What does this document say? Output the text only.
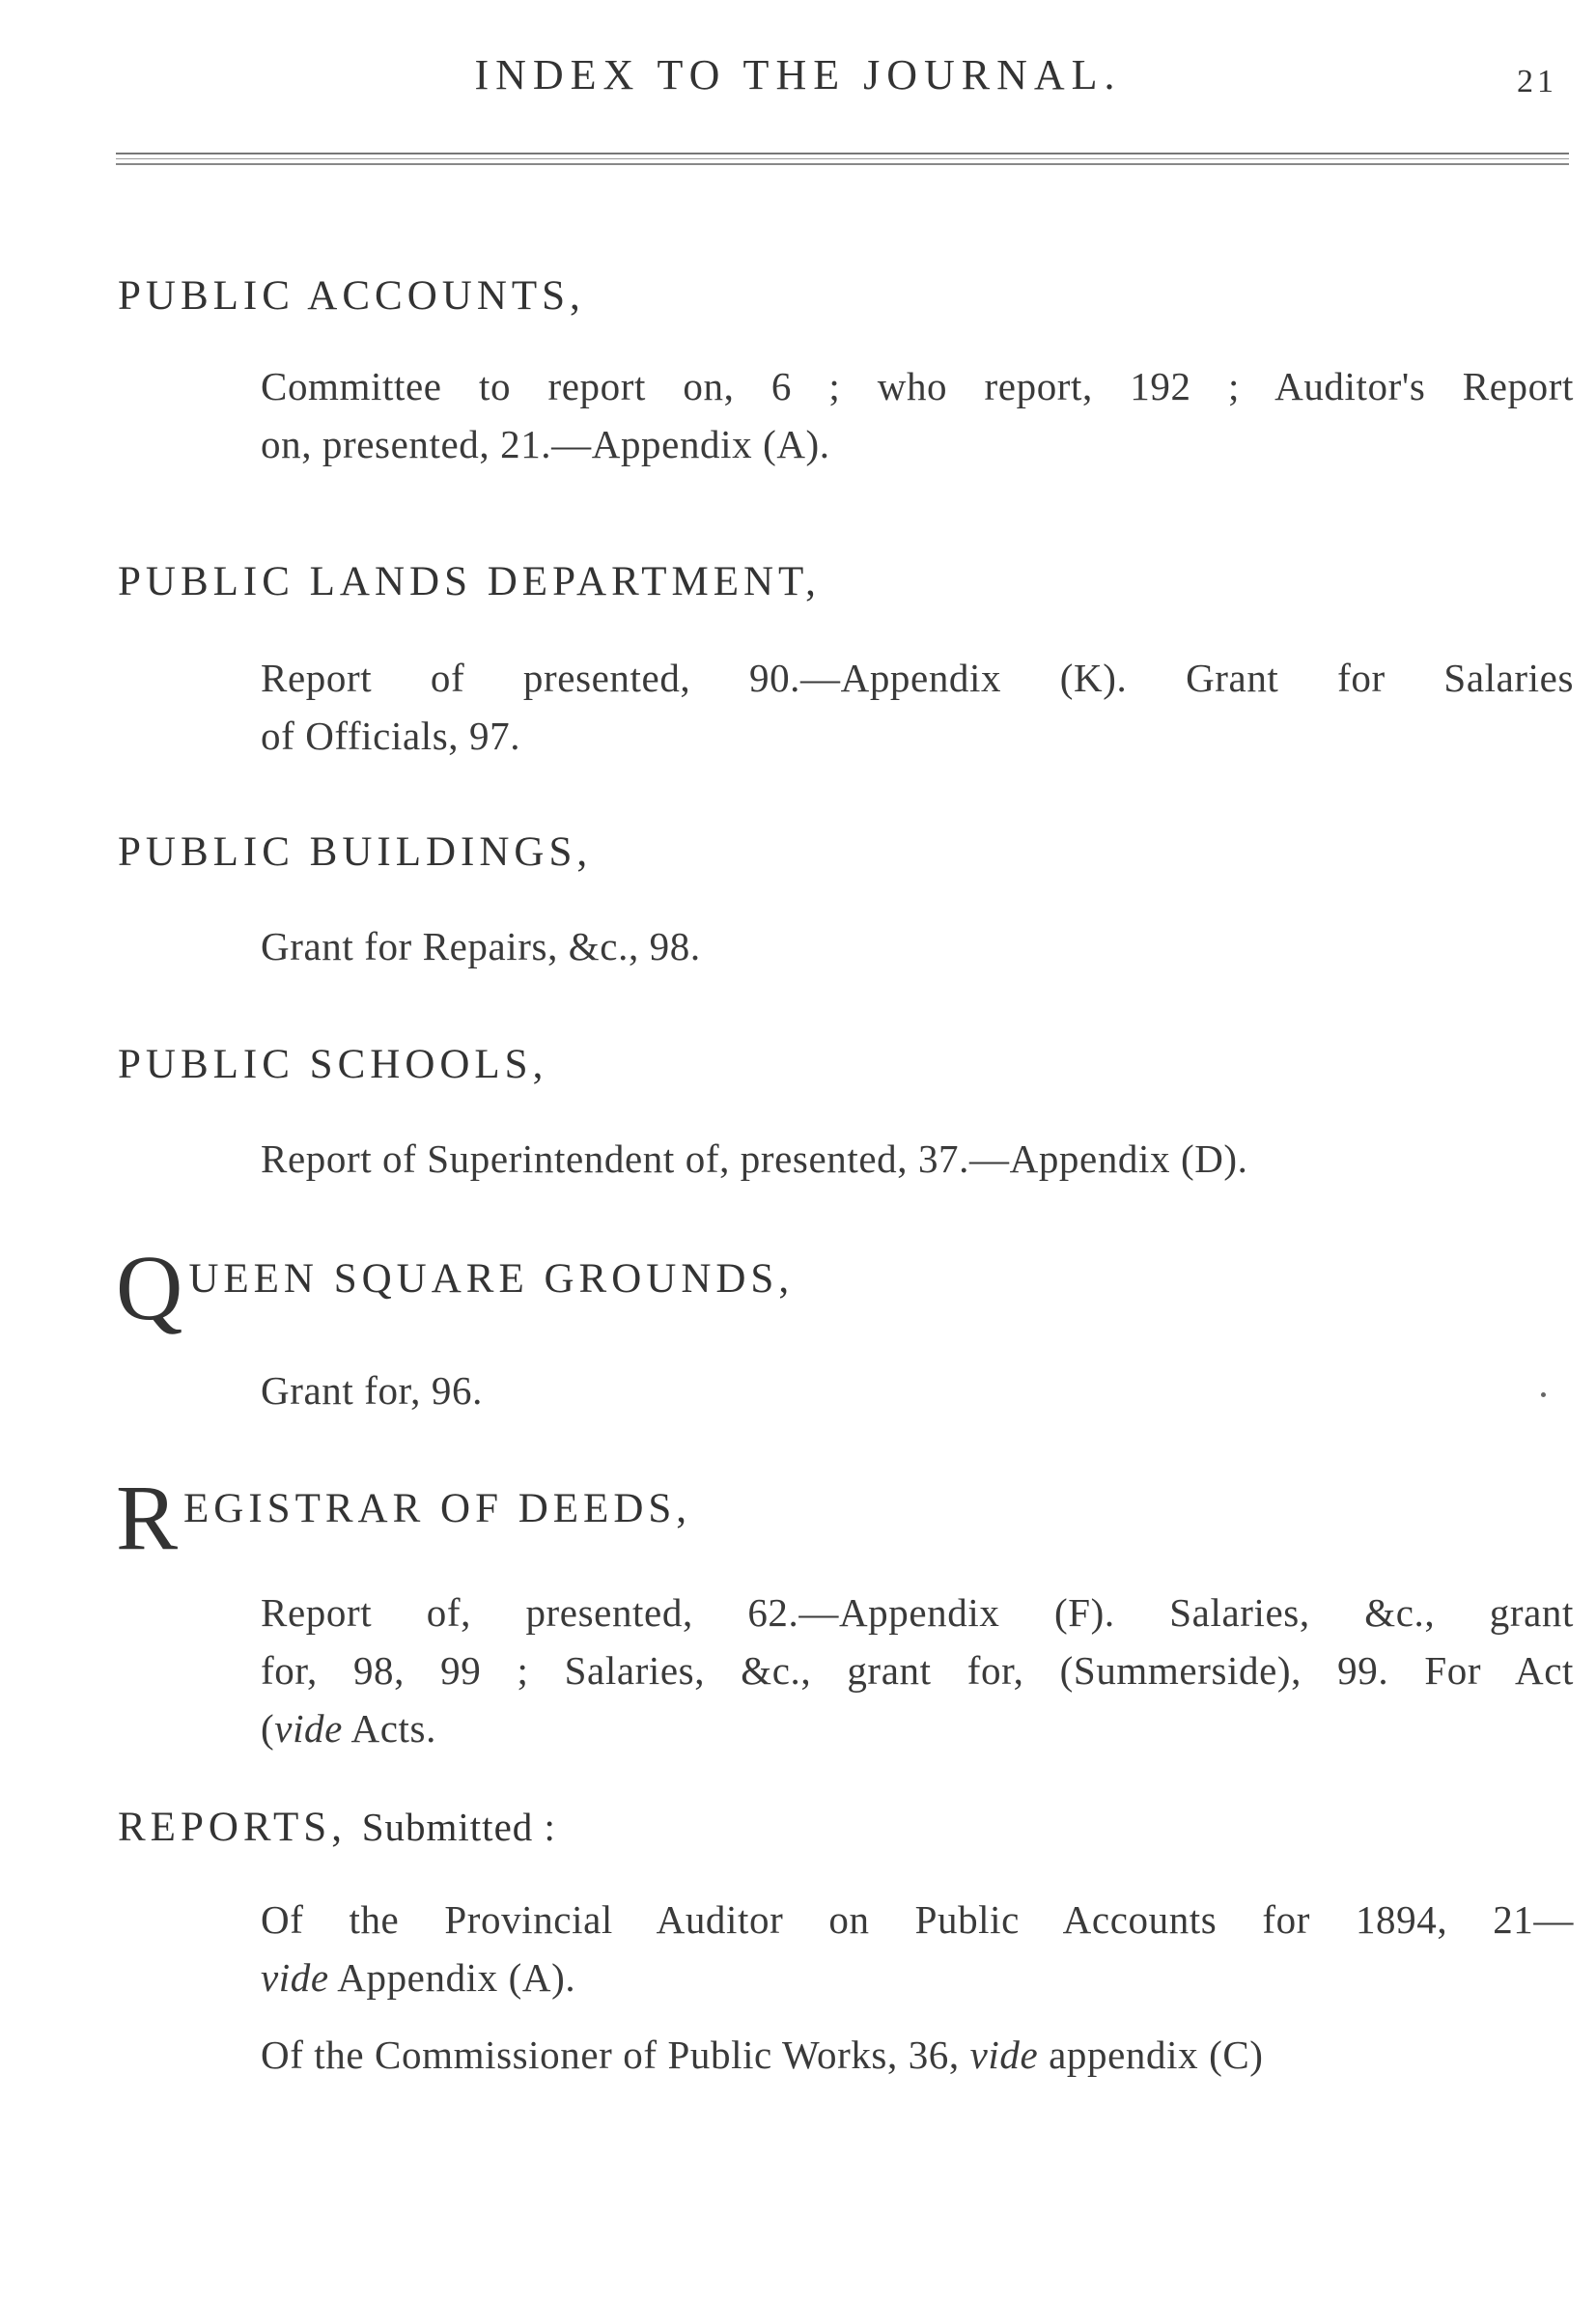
INDEX TO THE JOURNAL.	21
PUBLIC ACCOUNTS,
Committee to report on, 6 ; who report, 192 ; Auditor's Report
on, presented, 21.—Appendix (A).
PUBLIC LANDS DEPARTMENT,
Report of presented, 90.—Appendix (K). Grant for Salaries
of Officials, 97.
PUBLIC BUILDINGS,
Grant for Repairs, &c., 98.
PUBLIC SCHOOLS,
Report of Superintendent of, presented, 37.—Appendix (D).
Q UEEN SQUARE GROUNDS,
Grant for, 96.
R EGISTRAR OF DEEDS,
Report of, presented, 62.—Appendix (F). Salaries, &c., grant
for, 98, 99 ; Salaries, &c., grant for, (Summerside), 99. For Act
(vide Acts.
REPORTS, Submitted :
Of the Provincial Auditor on Public Accounts for 1894, 21—
vide Appendix (A).
Of the Commissioner of Public Works, 36, vide appendix (C)
